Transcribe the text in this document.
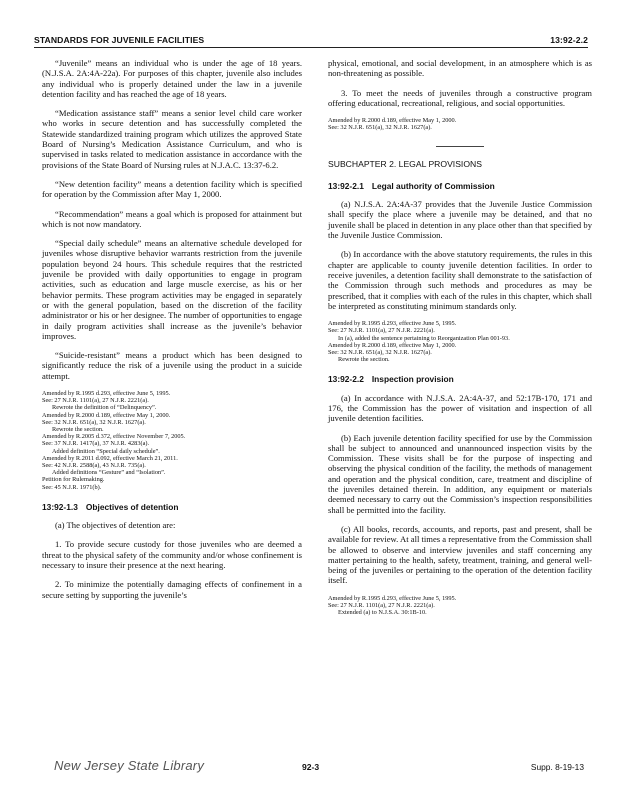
STANDARDS FOR JUVENILE FACILITIES	13:92-2.2

“Juvenile” means an individual who is under the age of 18 years. (N.J.S.A. 2A:4A-22a). For purposes of this chapter, juvenile also includes any individual who is properly detained under the law in a juvenile detention facility and has reached the age of 18 years.

“Medication assistance staff” means a senior level child care worker who works in secure detention and has successfully completed the Statewide standardized training program which utilizes the approved State Board of Nursing’s Medication Assistance Curriculum, and who is supervised in tasks related to medication assistance in accordance with the provisions of the State Board of Nursing rules at N.J.A.C. 13:37-6.2.

“New detention facility” means a detention facility which is specified for operation by the Commission after May 1, 2000.

“Recommendation” means a goal which is proposed for attainment but which is not now mandatory.

“Special daily schedule” means an alternative schedule developed for juveniles whose disruptive behavior warrants restriction from the juvenile population beyond 24 hours. This schedule requires that the restricted juvenile be provided with daily opportunities to engage in program activities, such as education and large muscle exercise, as his or her behavior permits. These program activities may be engaged in separately or with the general population, based on the discretion of the facility administrator or his or her designee. The number of opportunities to engage in daily program activities shall increase as the juvenile’s behavior improves.

“Suicide-resistant” means a product which has been designed to significantly reduce the risk of a juvenile using the product in a suicide attempt.

Amended by R.1995 d.293, effective June 5, 1995.
See: 27 N.J.R. 1101(a), 27 N.J.R. 2221(a).
Rewrote the definition of “Delinquency”.
Amended by R.2000 d.189, effective May 1, 2000.
See: 32 N.J.R. 651(a), 32 N.J.R. 1627(a).
Rewrote the section.
Amended by R.2005 d.372, effective November 7, 2005.
See: 37 N.J.R. 1417(a), 37 N.J.R. 4283(a).
Added definition “Special daily schedule”.
Amended by R.2011 d.092, effective March 21, 2011.
See: 42 N.J.R. 2588(a), 43 N.J.R. 735(a).
Added definitions “Gesture” and “Isolation”.
Petition for Rulemaking.
See: 45 N.J.R. 1971(b).
13:92-1.3 Objectives of detention

(a) The objectives of detention are:

1. To provide secure custody for those juveniles who are deemed a threat to the physical safety of the community and/or whose confinement is necessary to insure their presence at the next hearing.

2. To minimize the potentially damaging effects of confinement in a secure setting by supporting the juvenile’s

physical, emotional, and social development, in an atmosphere which is as non-threatening as possible.

3. To meet the needs of juveniles through a constructive program offering educational, recreational, religious, and social opportunities.

Amended by R.2000 d.189, effective May 1, 2000.
See: 32 N.J.R. 651(a), 32 N.J.R. 1627(a).
SUBCHAPTER 2. LEGAL PROVISIONS
13:92-2.1 Legal authority of Commission

(a) N.J.S.A. 2A:4A-37 provides that the Juvenile Justice Commission shall specify the place where a juvenile may be detained, and that no juvenile shall be placed in detention in any place other than that specified by the Juvenile Justice Commission.

(b) In accordance with the above statutory requirements, the rules in this chapter are applicable to county juvenile detention facilities. In order to receive juveniles, a detention facility shall demonstrate to the satisfaction of the Commission through such methods and procedures as may be prescribed, that it complies with each of the rules in this chapter, which shall be interpreted as constituting minimum standards only.

Amended by R.1995 d.293, effective June 5, 1995.
See: 27 N.J.R. 1101(a), 27 N.J.R. 2221(a).
In (a), added the sentence pertaining to Reorganization Plan 001-93.
Amended by R.2000 d.189, effective May 1, 2000.
See: 32 N.J.R. 651(a), 32 N.J.R. 1627(a).
Rewrote the section.
13:92-2.2 Inspection provision

(a) In accordance with N.J.S.A. 2A:4A-37, and 52:17B-170, 171 and 176, the Commission has the power of visitation and inspection of all juvenile detention facilities.

(b) Each juvenile detention facility specified for use by the Commission shall be subject to announced and unannounced inspection visits by the Commission. These visits shall be for the purpose of inspecting and observing the physical condition of the facility, the methods of management and operation and the physical condition, care, treatment and discipline of the juveniles detained therein. In addition, any equipment or materials deemed necessary to carry out the Commission’s inspection responsibilities shall be permitted into the facility.

(c) All books, records, accounts, and reports, past and present, shall be available for review. At all times a representative from the Commission shall be allowed to observe and interview juveniles and staff concerning any matter pertaining to the health, safety, treatment, training, and general well-being of the juveniles or pertaining to the operation of the detention facility itself.

Amended by R.1995 d.293, effective June 5, 1995.
See: 27 N.J.R. 1101(a), 27 N.J.R. 2221(a).
Extended (a) to N.J.S.A. 30:1B-10.
New Jersey State Library	92-3	Supp. 8-19-13
